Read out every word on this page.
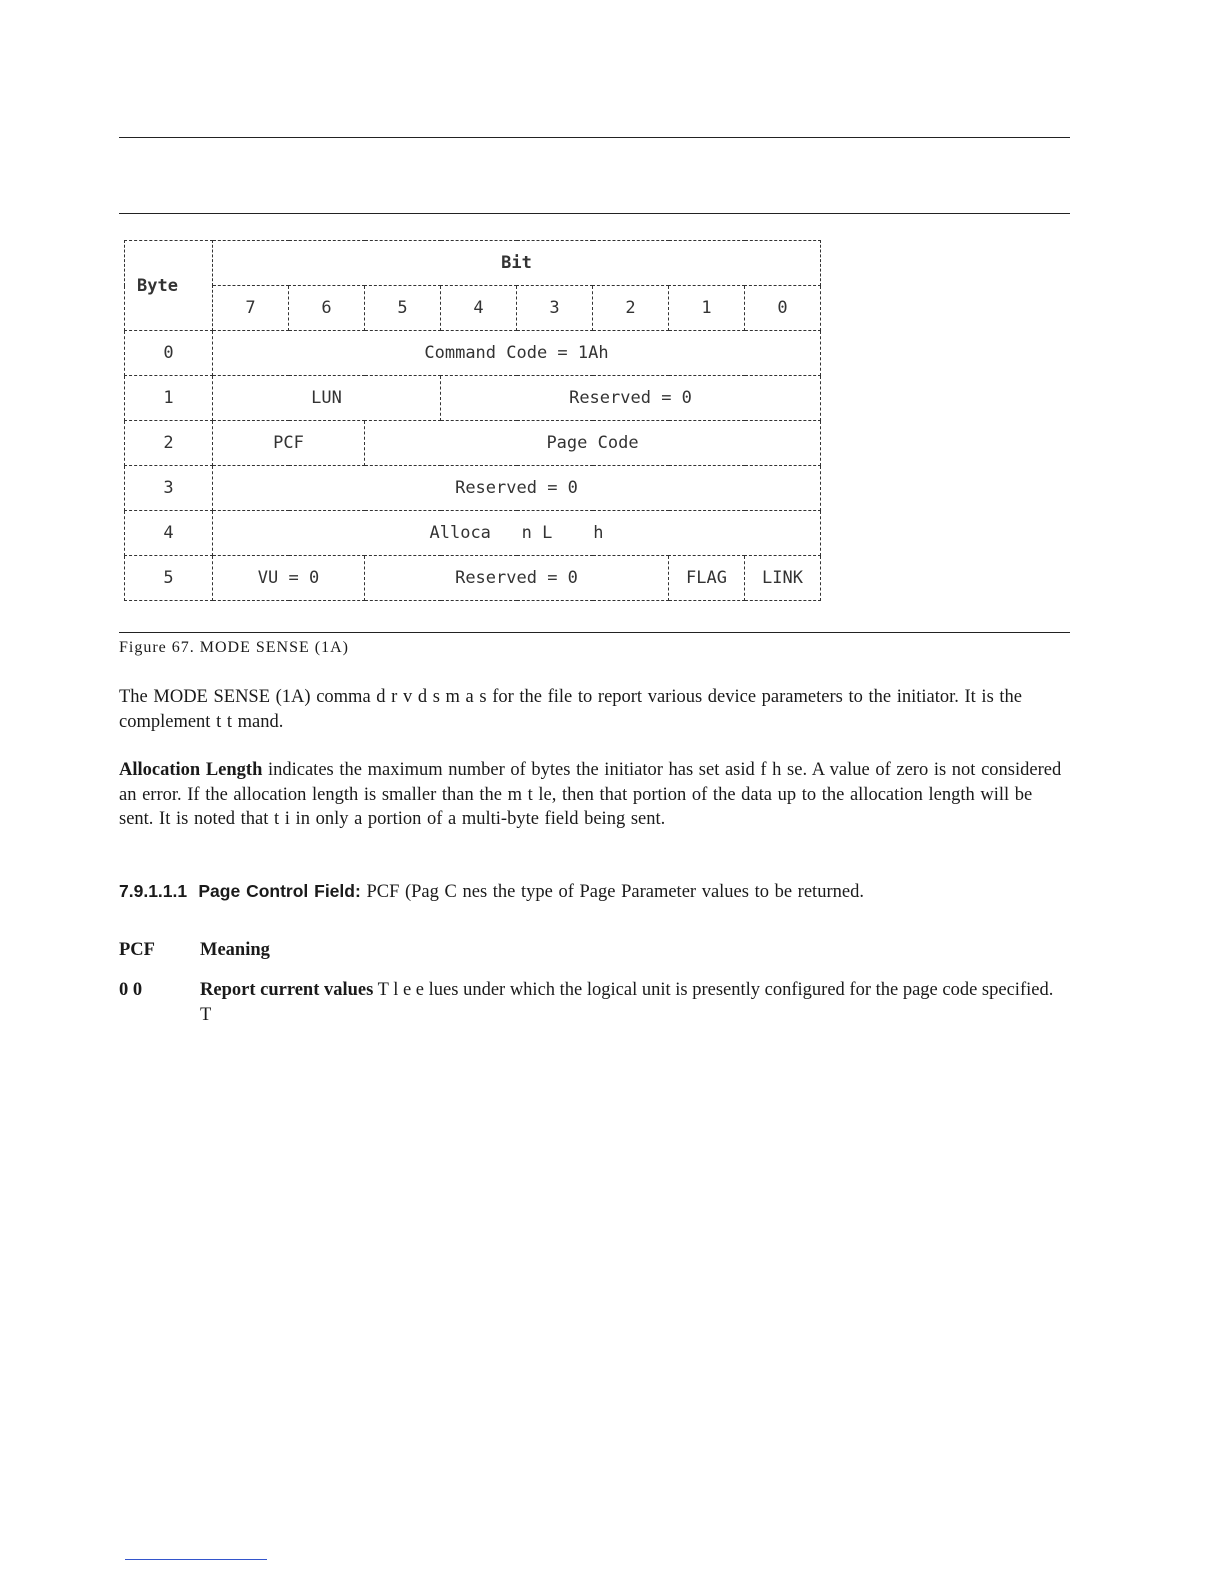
Byte	Bit							
	7	6	5	4	3	2	1	0
0	Command Code = 1Ah							
1	LUN			Reserved = 0				
2	PCF		Page Code					
3	Reserved = 0							
4	Alloca   n L    h							
5	VU = 0		Reserved = 0				FLAG	LINK
Figure 67. MODE SENSE (1A)
The MODE SENSE (1A) comma d r v d s m a s for the file to report various device parameters to the initiator. It is the complement t t mand.
Allocation Length indicates the maximum number of bytes the initiator has set asid f h se. A value of zero is not considered an error. If the allocation length is smaller than the m t le, then that portion of the data up to the allocation length will be sent. It is noted that t i in only a portion of a multi-byte field being sent.
7.9.1.1.1 Page Control Field: PCF (Pag C nes the type of Page Parameter values to be returned.
PCF Meaning
0 0	Report current values T l e e lues under which the logical unit is presently configured for the page code specified. T
